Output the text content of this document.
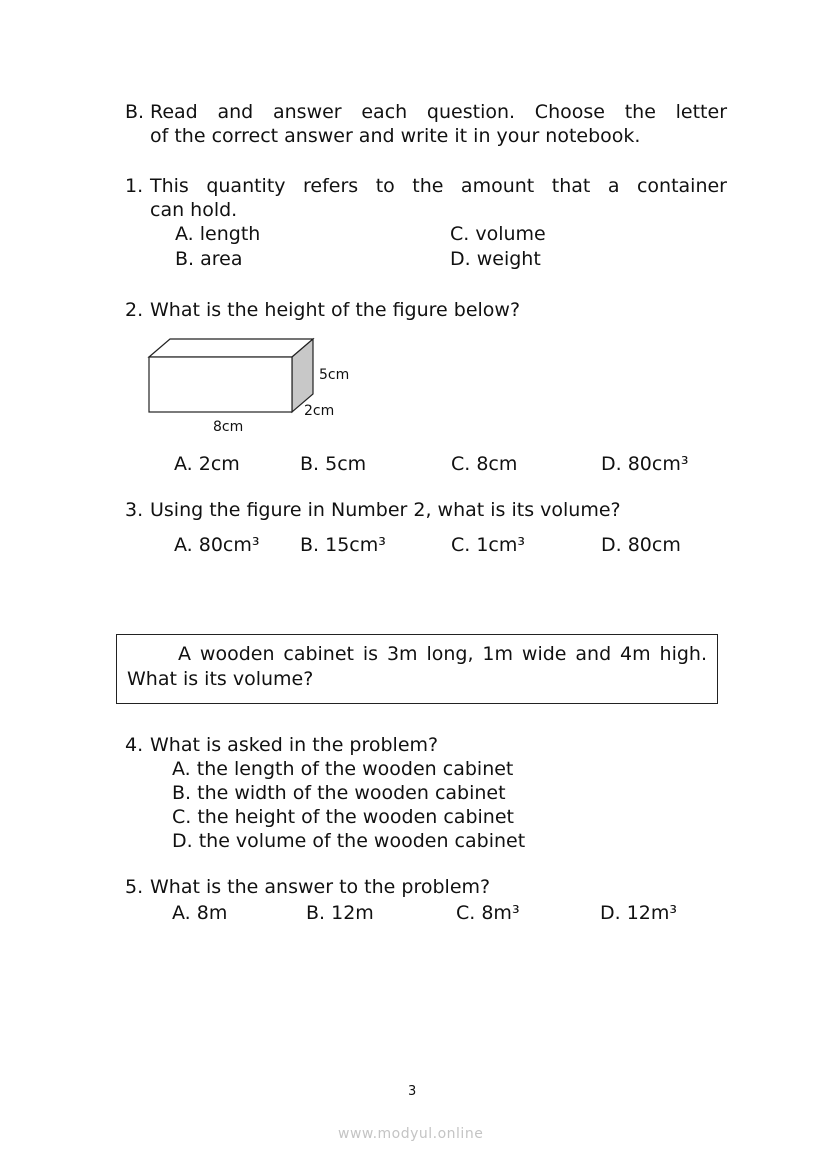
B. Read and answer each question. Choose the letter
of the correct answer and write it in your notebook.
1. This quantity refers to the amount that a container
can hold.
A. length
B. area
C. volume
D. weight
2. What is the height of the figure below?
5cm
2cm
8cm
A. 2cm	B. 5cm	C. 8cm	D. 80cm³
3. Using the figure in Number 2, what is its volume?
A. 80cm³ B. 15cm³	C. 1cm³	D. 80cm
A wooden cabinet is 3m long, 1m wide and 4m high.
What is its volume?
4. What is asked in the problem?
A. the length of the wooden cabinet
B. the width of the wooden cabinet
C. the height of the wooden cabinet
D. the volume of the wooden cabinet
5. What is the answer to the problem?
A. 8m	B. 12m	C. 8m³	D. 12m³
3
www.modyul.online
